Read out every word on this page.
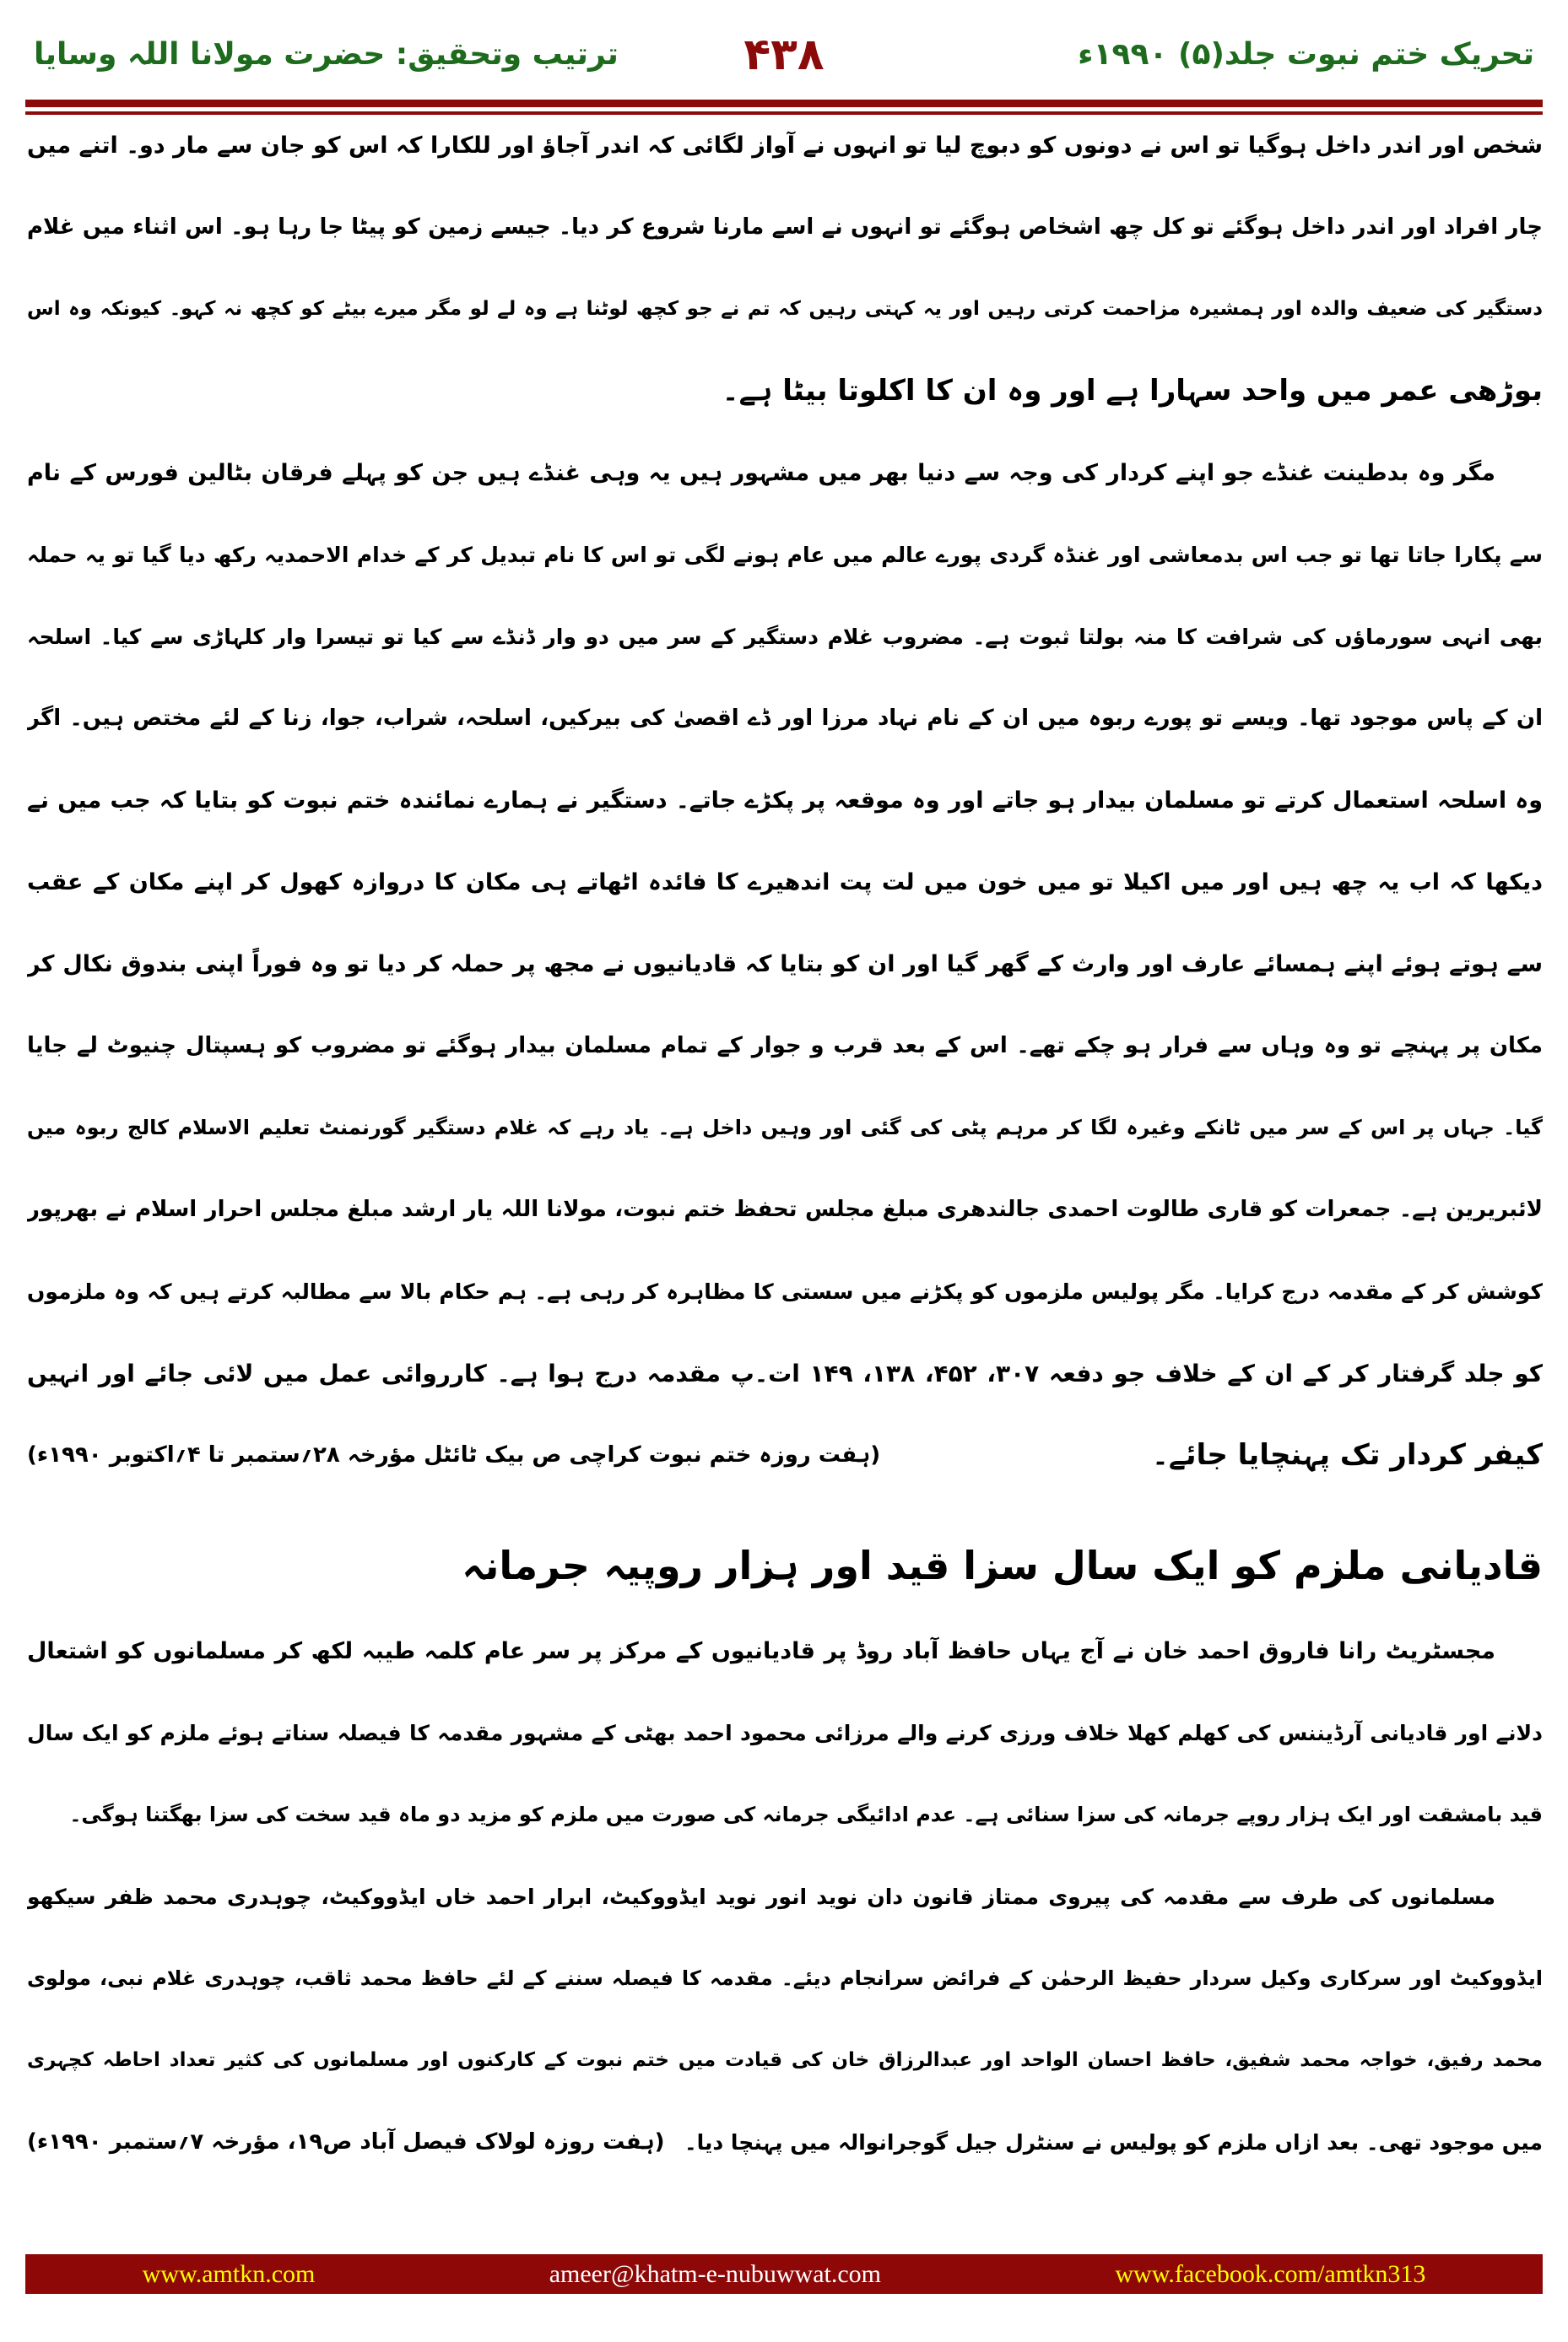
تحریک ختم نبوت جلد(۵) ۱۹۹۰ء
۴۳۸
ترتیب وتحقیق: حضرت مولانا اللہ وسایا
شخص اور اندر داخل ہوگیا تو اس نے دونوں کو دبوچ لیا تو انہوں نے آواز لگائی کہ اندر آجاؤ اور للکارا کہ اس کو جان سے مار دو۔ اتنے میں
چار افراد اور اندر داخل ہوگئے تو کل چھ اشخاص ہوگئے تو انہوں نے اسے مارنا شروع کر دیا۔ جیسے زمین کو پیٹا جا رہا ہو۔ اس اثناء میں غلام
دستگیر کی ضعیف والدہ اور ہمشیرہ مزاحمت کرتی رہیں اور یہ کہتی رہیں کہ تم نے جو کچھ لوٹنا ہے وہ لے لو مگر میرے بیٹے کو کچھ نہ کہو۔ کیونکہ وہ اس
بوڑھی عمر میں واحد سہارا ہے اور وہ ان کا اکلوتا بیٹا ہے۔
مگر وہ بدطینت غنڈے جو اپنے کردار کی وجہ سے دنیا بھر میں مشہور ہیں یہ وہی غنڈے ہیں جن کو پہلے فرقان بٹالین فورس کے نام
سے پکارا جاتا تھا تو جب اس بدمعاشی اور غنڈہ گردی پورے عالم میں عام ہونے لگی تو اس کا نام تبدیل کر کے خدام الاحمدیہ رکھ دیا گیا تو یہ حملہ
بھی انہی سورماؤں کی شرافت کا منہ بولتا ثبوت ہے۔ مضروب غلام دستگیر کے سر میں دو وار ڈنڈے سے کیا تو تیسرا وار کلہاڑی سے کیا۔ اسلحہ
ان کے پاس موجود تھا۔ ویسے تو پورے ربوہ میں ان کے نام نہاد مرزا اور ڈے اقصیٰ کی بیرکیں، اسلحہ، شراب، جوا، زنا کے لئے مختص ہیں۔ اگر
وہ اسلحہ استعمال کرتے تو مسلمان بیدار ہو جاتے اور وہ موقعہ پر پکڑے جاتے۔ دستگیر نے ہمارے نمائندہ ختم نبوت کو بتایا کہ جب میں نے
دیکھا کہ اب یہ چھ ہیں اور میں اکیلا تو میں خون میں لت پت اندھیرے کا فائدہ اٹھاتے ہی مکان کا دروازہ کھول کر اپنے مکان کے عقب
سے ہوتے ہوئے اپنے ہمسائے عارف اور وارث کے گھر گیا اور ان کو بتایا کہ قادیانیوں نے مجھ پر حملہ کر دیا تو وہ فوراً اپنی بندوق نکال کر
مکان پر پہنچے تو وہ وہاں سے فرار ہو چکے تھے۔ اس کے بعد قرب و جوار کے تمام مسلمان بیدار ہوگئے تو مضروب کو ہسپتال چنیوٹ لے جایا
گیا۔ جہاں پر اس کے سر میں ٹانکے وغیرہ لگا کر مرہم پٹی کی گئی اور وہیں داخل ہے۔ یاد رہے کہ غلام دستگیر گورنمنٹ تعلیم الاسلام کالج ربوہ میں
لائبریرین ہے۔ جمعرات کو قاری طالوت احمدی جالندھری مبلغ مجلس تحفظ ختم نبوت، مولانا اللہ یار ارشد مبلغ مجلس احرار اسلام نے بھرپور
کوشش کر کے مقدمہ درج کرایا۔ مگر پولیس ملزموں کو پکڑنے میں سستی کا مظاہرہ کر رہی ہے۔ ہم حکام بالا سے مطالبہ کرتے ہیں کہ وہ ملزموں
کو جلد گرفتار کر کے ان کے خلاف جو دفعہ ۳۰۷، ۴۵۲، ۱۳۸، ۱۴۹ ات۔پ مقدمہ درج ہوا ہے۔ کارروائی عمل میں لائی جائے اور انہیں
کیفر کردار تک پہنچایا جائے۔
(ہفت روزہ ختم نبوت کراچی ص بیک ٹائٹل مؤرخہ ۲۸؍ستمبر تا ۴؍اکتوبر ۱۹۹۰ء)
قادیانی ملزم کو ایک سال سزا قید اور ہزار روپیہ جرمانہ
مجسٹریٹ رانا فاروق احمد خان نے آج یہاں حافظ آباد روڈ پر قادیانیوں کے مرکز پر سر عام کلمہ طیبہ لکھ کر مسلمانوں کو اشتعال
دلانے اور قادیانی آرڈیننس کی کھلم کھلا خلاف ورزی کرنے والے مرزائی محمود احمد بھٹی کے مشہور مقدمہ کا فیصلہ سناتے ہوئے ملزم کو ایک سال
قید بامشقت اور ایک ہزار روپے جرمانہ کی سزا سنائی ہے۔ عدم ادائیگی جرمانہ کی صورت میں ملزم کو مزید دو ماہ قید سخت کی سزا بھگتنا ہوگی۔
مسلمانوں کی طرف سے مقدمہ کی پیروی ممتاز قانون دان نوید انور نوید ایڈووکیٹ، ابرار احمد خاں ایڈووکیٹ، چوہدری محمد ظفر سیکھو
ایڈووکیٹ اور سرکاری وکیل سردار حفیظ الرحمٰن کے فرائض سرانجام دیئے۔ مقدمہ کا فیصلہ سننے کے لئے حافظ محمد ثاقب، چوہدری غلام نبی، مولوی
محمد رفیق، خواجہ محمد شفیق، حافظ احسان الواحد اور عبدالرزاق خان کی قیادت میں ختم نبوت کے کارکنوں اور مسلمانوں کی کثیر تعداد احاطہ کچہری
میں موجود تھی۔ بعد ازاں ملزم کو پولیس نے سنٹرل جیل گوجرانوالہ میں پہنچا دیا۔
(ہفت روزہ لولاک فیصل آباد ص۱۹، مؤرخہ ۷؍ستمبر ۱۹۹۰ء)
www.amtkn.com	ameer@khatm-e-nubuwwat.com	www.facebook.com/amtkn313
